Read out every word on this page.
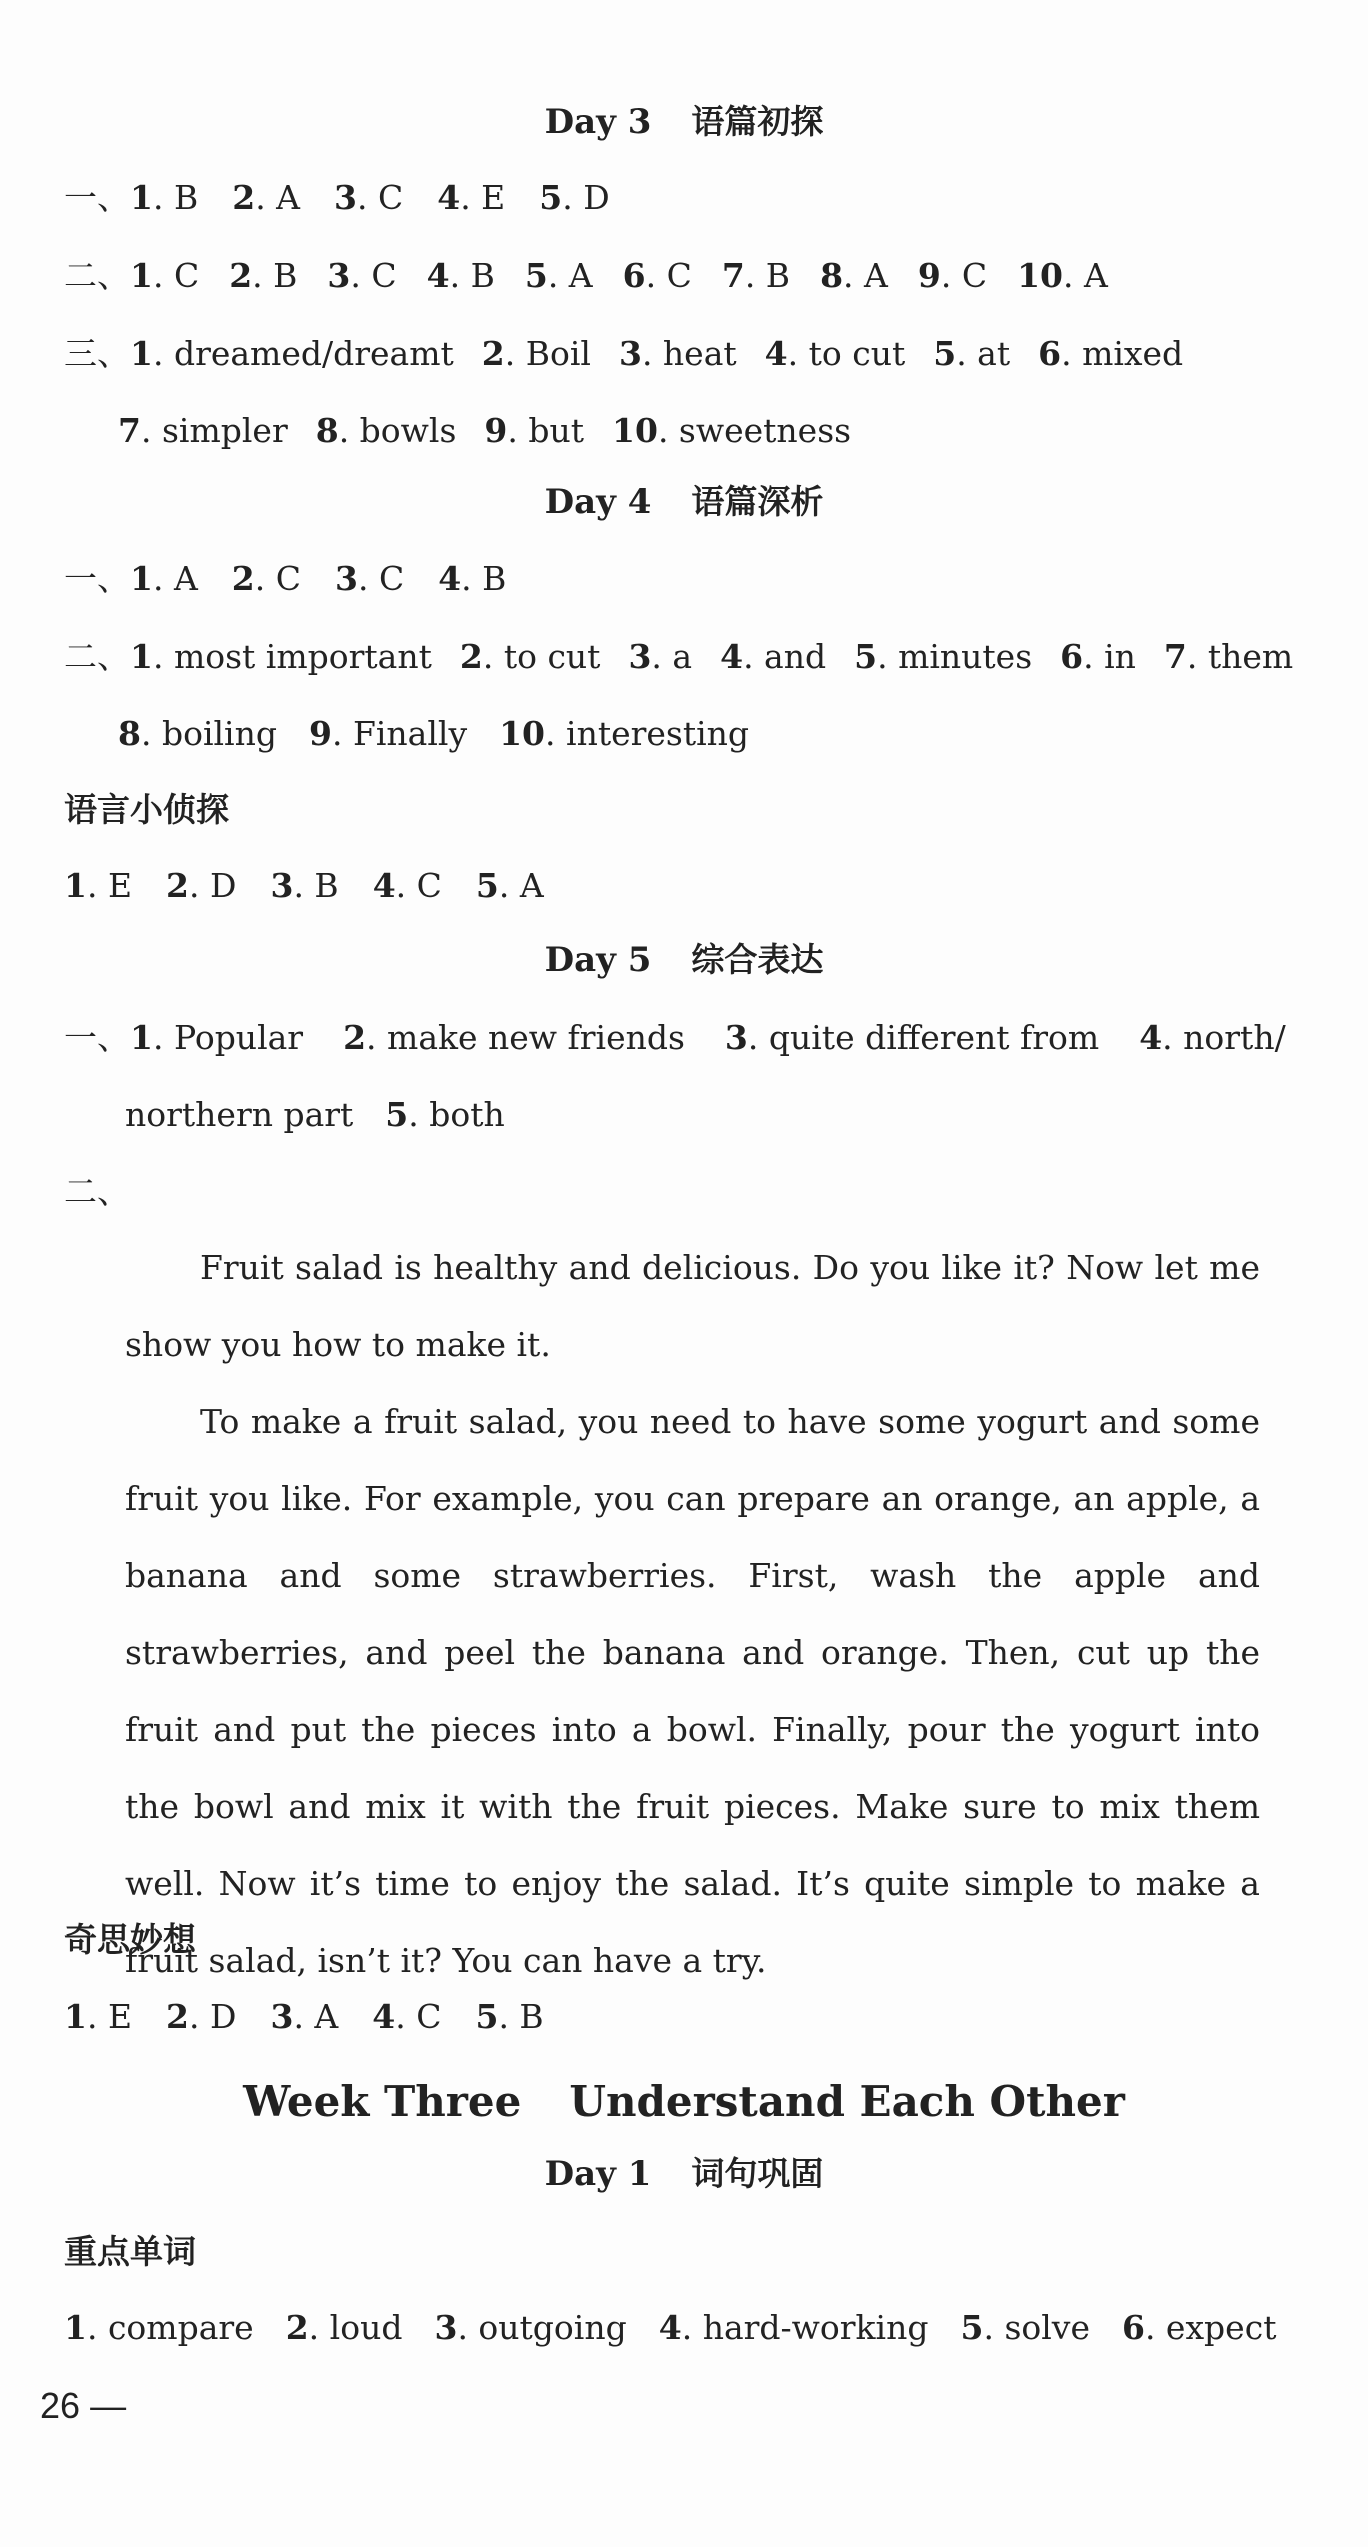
Day 3 语篇初探
一、1. B 2. A 3. C 4. E 5. D
二、1. C 2. B 3. C 4. B 5. A 6. C 7. B 8. A 9. C 10. A
三、1. dreamed/dreamt 2. Boil 3. heat 4. to cut 5. at 6. mixed
7. simpler 8. bowls 9. but 10. sweetness
Day 4 语篇深析
一、1. A 2. C 3. C 4. B
二、1. most important 2. to cut 3. a 4. and 5. minutes 6. in 7. them
8. boiling 9. Finally 10. interesting
语言小侦探
1. E 2. D 3. B 4. C 5. A
Day 5 综合表达
一、1. Popular 2. make new friends 3. quite different from 4. north/
northern part 5. both
二、

Fruit salad is healthy and delicious. Do you like it? Now let me show you how to make it.

To make a fruit salad, you need to have some yogurt and some fruit you like. For example, you can prepare an orange, an apple, a banana and some strawberries. First, wash the apple and strawberries, and peel the banana and orange. Then, cut up the fruit and put the pieces into a bowl. Finally, pour the yogurt into the bowl and mix it with the fruit pieces. Make sure to mix them well. Now it’s time to enjoy the salad. It’s quite simple to make a fruit salad, isn’t it? You can have a try.

奇思妙想
1. E 2. D 3. A 4. C 5. B
Week Three Understand Each Other
Day 1 词句巩固
重点单词
1. compare 2. loud 3. outgoing 4. hard-working 5. solve 6. expect
26 —
